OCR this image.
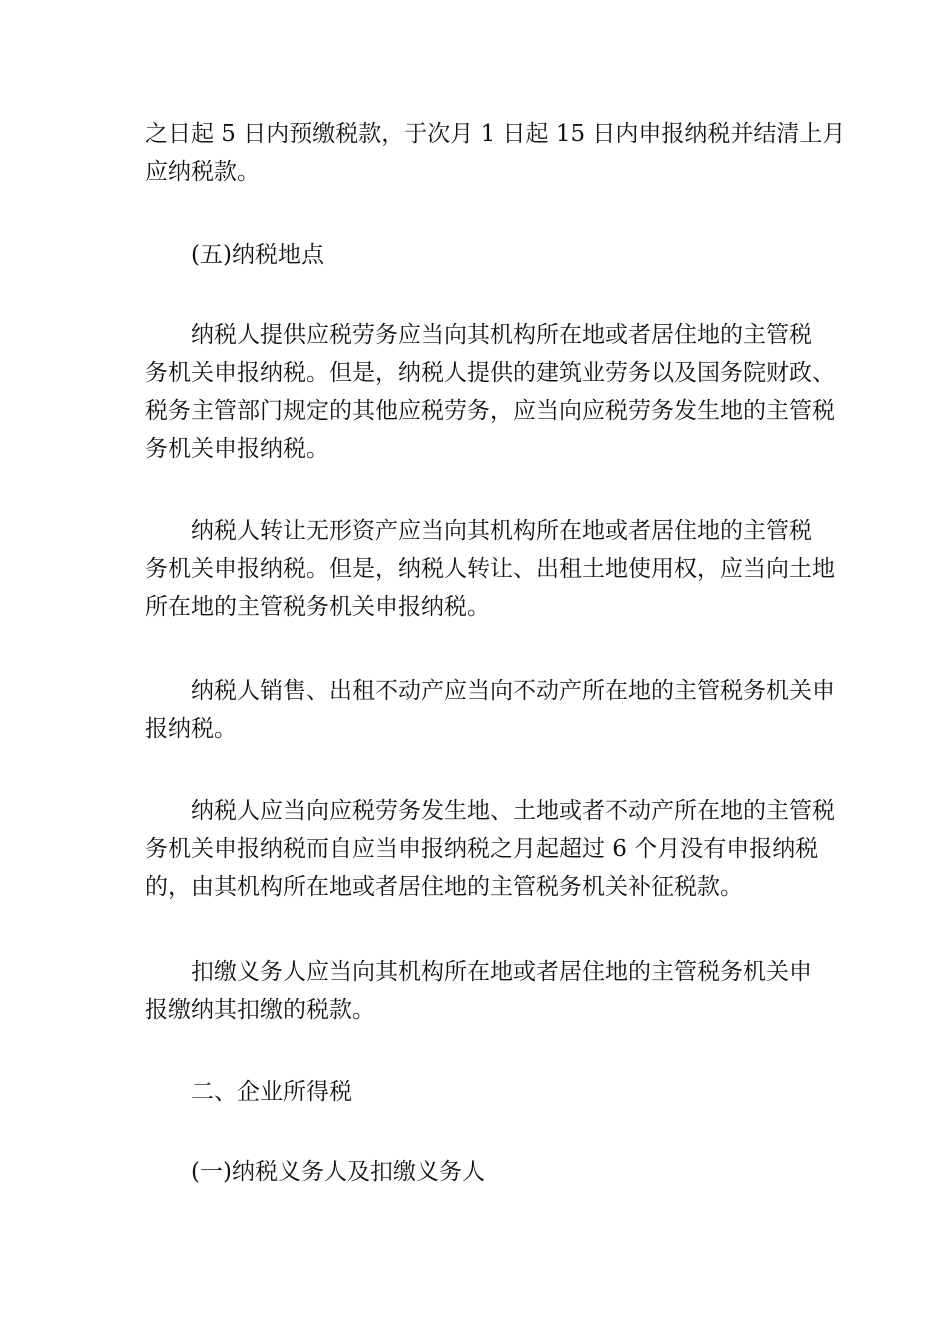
之日起 5 日内预缴税款，于次月 1 日起 15 日内申报纳税并结清上月
应纳税款。

(五)纳税地点

纳税人提供应税劳务应当向其机构所在地或者居住地的主管税
务机关申报纳税。但是，纳税人提供的建筑业劳务以及国务院财政、
税务主管部门规定的其他应税劳务，应当向应税劳务发生地的主管税
务机关申报纳税。

纳税人转让无形资产应当向其机构所在地或者居住地的主管税
务机关申报纳税。但是，纳税人转让、出租土地使用权，应当向土地
所在地的主管税务机关申报纳税。

纳税人销售、出租不动产应当向不动产所在地的主管税务机关申
报纳税。

纳税人应当向应税劳务发生地、土地或者不动产所在地的主管税
务机关申报纳税而自应当申报纳税之月起超过 6 个月没有申报纳税
的，由其机构所在地或者居住地的主管税务机关补征税款。

扣缴义务人应当向其机构所在地或者居住地的主管税务机关申
报缴纳其扣缴的税款。

二、企业所得税

(一)纳税义务人及扣缴义务人
